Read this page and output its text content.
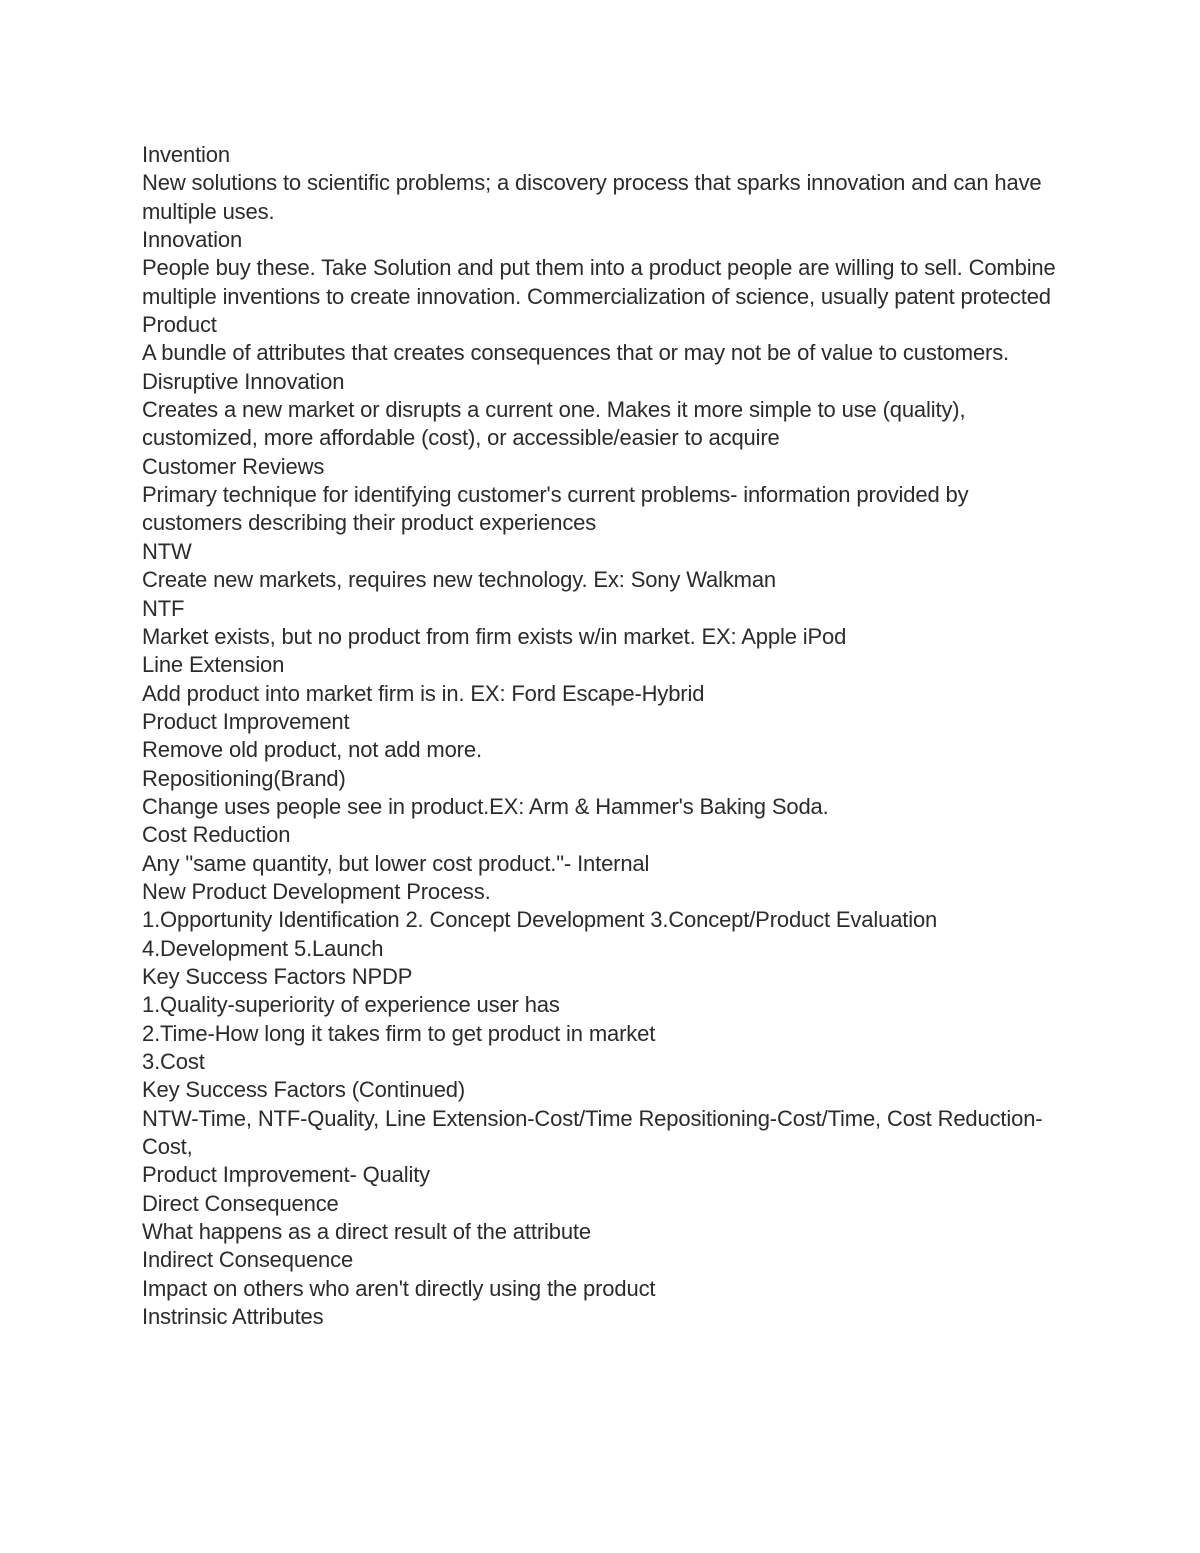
Invention

New solutions to scientific problems; a discovery process that sparks innovation and can have multiple uses.

Innovation

People buy these. Take Solution and put them into a product people are willing to sell. Combine multiple inventions to create innovation. Commercialization of science, usually patent protected

Product

A bundle of attributes that creates consequences that or may not be of value to customers.

Disruptive Innovation

Creates a new market or disrupts a current one. Makes it more simple to use (quality), customized, more affordable (cost), or accessible/easier to acquire

Customer Reviews

Primary technique for identifying customer's current problems- information provided by customers describing their product experiences

NTW

Create new markets, requires new technology. Ex: Sony Walkman

NTF

Market exists, but no product from firm exists w/in market. EX: Apple iPod

Line Extension

Add product into market firm is in. EX: Ford Escape-Hybrid

Product Improvement

Remove old product, not add more.

Repositioning(Brand)

Change uses people see in product.EX: Arm & Hammer's Baking Soda.

Cost Reduction

Any "same quantity, but lower cost product."- Internal

New Product Development Process.

1.Opportunity Identification 2. Concept Development 3.Concept/Product Evaluation 4.Development 5.Launch

Key Success Factors NPDP

1.Quality-superiority of experience user has

2.Time-How long it takes firm to get product in market

3.Cost

Key Success Factors (Continued)

NTW-Time, NTF-Quality, Line Extension-Cost/Time Repositioning-Cost/Time, Cost Reduction-Cost,

Product Improvement- Quality

Direct Consequence

What happens as a direct result of the attribute

Indirect Consequence

Impact on others who aren't directly using the product

Instrinsic Attributes
